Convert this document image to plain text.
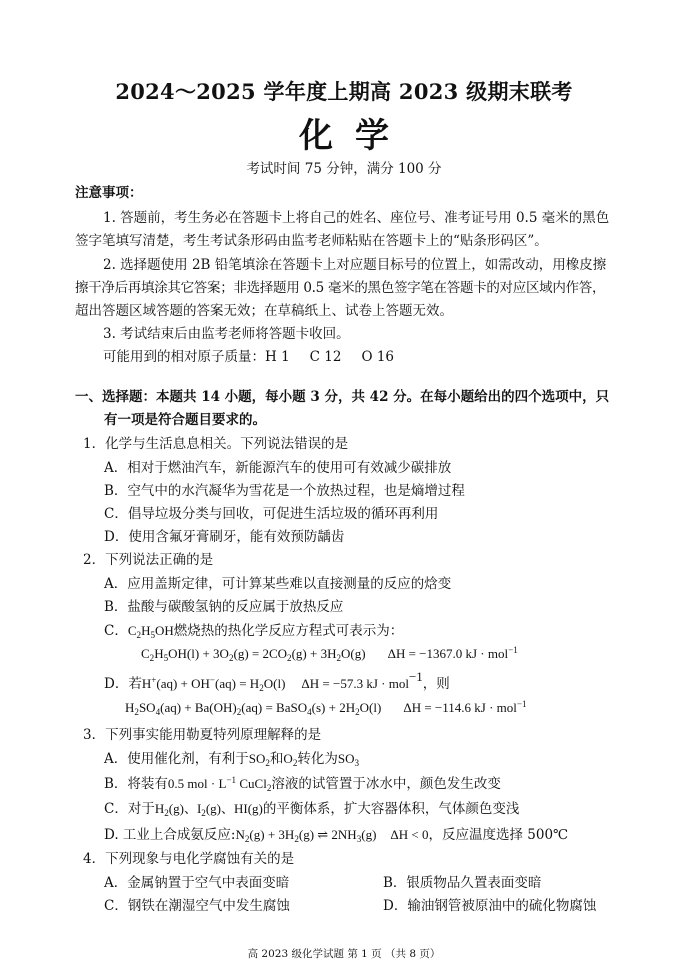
2024～2025 学年度上期高 2023 级期末联考
化学
考试时间 75 分钟，满分 100 分
注意事项：
1. 答题前，考生务必在答题卡上将自己的姓名、座位号、准考证号用 0.5 毫米的黑色
签字笔填写清楚，考生考试条形码由监考老师粘贴在答题卡上的“贴条形码区”。
2. 选择题使用 2B 铅笔填涂在答题卡上对应题目标号的位置上，如需改动，用橡皮擦
擦干净后再填涂其它答案；非选择题用 0.5 毫米的黑色签字笔在答题卡的对应区域内作答，
超出答题区域答题的答案无效；在草稿纸上、试卷上答题无效。
3. 考试结束后由监考老师将答题卡收回。
可能用到的相对原子质量：H 1 C 12 O 16
一、选择题：本题共 14 小题，每小题 3 分，共 42 分。在每小题给出的四个选项中，只
有一项是符合题目要求的。
1．化学与生活息息相关。下列说法错误的是
A．相对于燃油汽车，新能源汽车的使用可有效减少碳排放
B．空气中的水汽凝华为雪花是一个放热过程，也是熵增过程
C．倡导垃圾分类与回收，可促进生活垃圾的循环再利用
D．使用含氟牙膏刷牙，能有效预防龋齿
2．下列说法正确的是
A．应用盖斯定律，可计算某些难以直接测量的反应的焓变
B．盐酸与碳酸氢钠的反应属于放热反应
C．$C_2H_5OH$燃烧热的热化学反应方程式可表示为：
$C_2H_5OH(l) + 3O_2(g) = 2CO_2(g) + 3H_2O(g) \Delta H = -1367.0$ kJ · mol$^{-1}$
D．若$H^+(aq) + OH^-(aq) = H_2O(l) \Delta H = -57.3$ kJ · mol$^{-1}$，则
$H_2SO_4(aq) + Ba(OH)_2(aq)$ = BaSO$_4$(s) + $2H_2O(l) \Delta H = -114.6$ kJ · mol$^{-1}$
3．下列事实能用勒夏特列原理解释的是
A．使用催化剂，有利于$SO_2$和$O_2$转化为$SO_3$
B．将装有0.5 mol · $L^{-1}$ CuCl$_2$溶液的试管置于冰水中，颜色发生改变
C．对于$H_2(g)$、$I_2(g)$、HI(g)的平衡体系，扩大容器体积，气体颜色变浅
D. 工业上合成氨反应$:N_2(g) + 3H_2(g)$ ⇌ $2NH_3(g) \Delta H < 0$，反应温度选择 500℃
4．下列现象与电化学腐蚀有关的是
A．金属钠置于空气中表面变暗	B．银质物品久置表面变暗
C．钢铁在潮湿空气中发生腐蚀	D．输油钢管被原油中的硫化物腐蚀
高 2023 级化学试题 第 1 页 （共 8 页）
